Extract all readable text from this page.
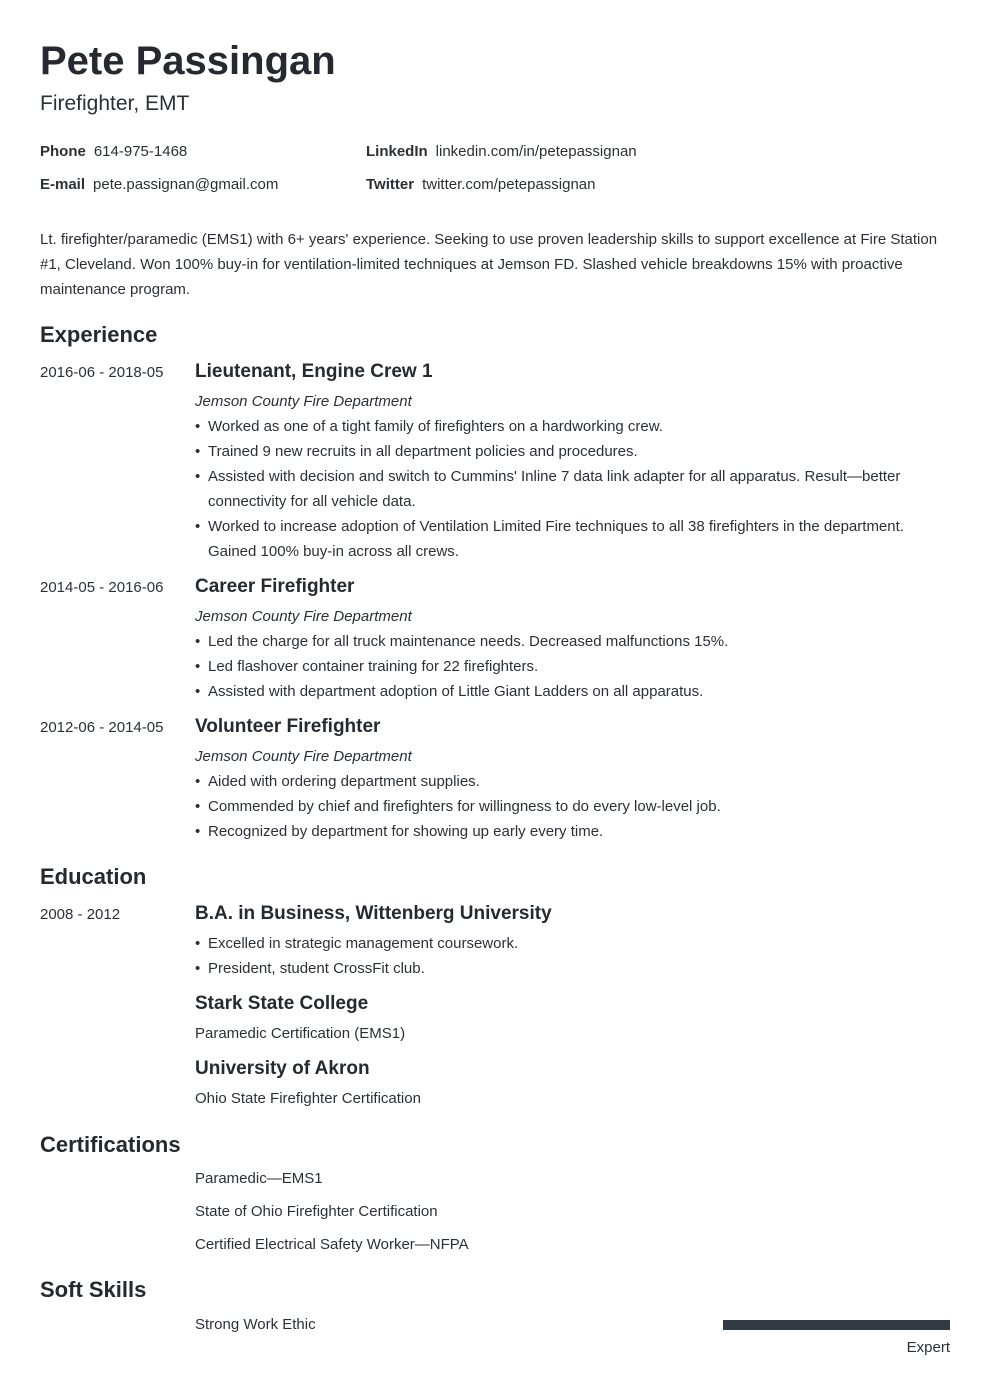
Pete Passingan
Firefighter, EMT
Phone 614-975-1468
E-mail pete.passignan@gmail.com
LinkedIn linkedin.com/in/petepassignan
Twitter twitter.com/petepassignan
Lt. firefighter/paramedic (EMS1) with 6+ years' experience. Seeking to use proven leadership skills to support excellence at Fire Station #1, Cleveland. Won 100% buy-in for ventilation-limited techniques at Jemson FD. Slashed vehicle breakdowns 15% with proactive maintenance program.
Experience
2016-06 - 2018-05 Lieutenant, Engine Crew 1
Jemson County Fire Department
• Worked as one of a tight family of firefighters on a hardworking crew.
• Trained 9 new recruits in all department policies and procedures.
• Assisted with decision and switch to Cummins' Inline 7 data link adapter for all apparatus. Result—better connectivity for all vehicle data.
• Worked to increase adoption of Ventilation Limited Fire techniques to all 38 firefighters in the department. Gained 100% buy-in across all crews.
2014-05 - 2016-06 Career Firefighter
Jemson County Fire Department
• Led the charge for all truck maintenance needs. Decreased malfunctions 15%.
• Led flashover container training for 22 firefighters.
• Assisted with department adoption of Little Giant Ladders on all apparatus.
2012-06 - 2014-05 Volunteer Firefighter
Jemson County Fire Department
• Aided with ordering department supplies.
• Commended by chief and firefighters for willingness to do every low-level job.
• Recognized by department for showing up early every time.
Education
2008 - 2012	B.A. in Business, Wittenberg University
• Excelled in strategic management coursework.
• President, student CrossFit club.
Stark State College
Paramedic Certification (EMS1)
University of Akron
Ohio State Firefighter Certification
Certifications
Paramedic—EMS1
State of Ohio Firefighter Certification
Certified Electrical Safety Worker—NFPA
Soft Skills
Strong Work Ethic
Expert
